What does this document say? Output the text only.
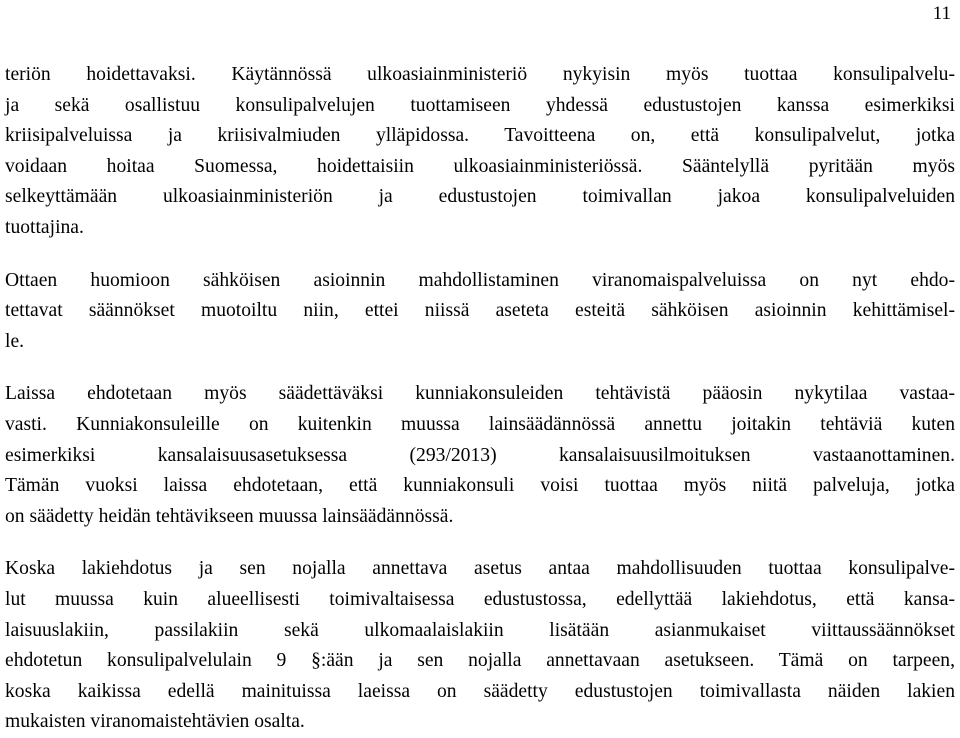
11
teriön hoidettavaksi. Käytännössä ulkoasiainministeriö nykyisin myös tuottaa konsulipalvelu-
ja sekä osallistuu konsulipalvelujen tuottamiseen yhdessä edustustojen kanssa esimerkiksi
kriisipalveluissa ja kriisivalmiuden ylläpidossa. Tavoitteena on, että konsulipalvelut, jotka
voidaan hoitaa Suomessa, hoidettaisiin ulkoasiainministeriössä. Sääntelyllä pyritään myös
selkeyttämään ulkoasiainministeriön ja edustustojen toimivallan jakoa konsulipalveluiden
tuottajina.
Ottaen huomioon sähköisen asioinnin mahdollistaminen viranomaispalveluissa on nyt ehdo-
tettavat säännökset muotoiltu niin, ettei niissä aseteta esteitä sähköisen asioinnin kehittämisel-
le.
Laissa ehdotetaan myös säädettäväksi kunniakonsuleiden tehtävistä pääosin nykytilaa vastaa-
vasti. Kunniakonsuleille on kuitenkin muussa lainsäädännössä annettu joitakin tehtäviä kuten
esimerkiksi kansalaisuusasetuksessa (293/2013) kansalaisuusilmoituksen vastaanottaminen.
Tämän vuoksi laissa ehdotetaan, että kunniakonsuli voisi tuottaa myös niitä palveluja, jotka
on säädetty heidän tehtävikseen muussa lainsäädännössä.
Koska lakiehdotus ja sen nojalla annettava asetus antaa mahdollisuuden tuottaa konsulipalve-
lut muussa kuin alueellisesti toimivaltaisessa edustustossa, edellyttää lakiehdotus, että kansa-
laisuuslakiin, passilakiin sekä ulkomaalaislakiin lisätään asianmukaiset viittaussäännökset
ehdotetun konsulipalvelulain 9 §:ään ja sen nojalla annettavaan asetukseen. Tämä on tarpeen,
koska kaikissa edellä mainituissa laeissa on säädetty edustustojen toimivallasta näiden lakien
mukaisten viranomaistehtävien osalta.
